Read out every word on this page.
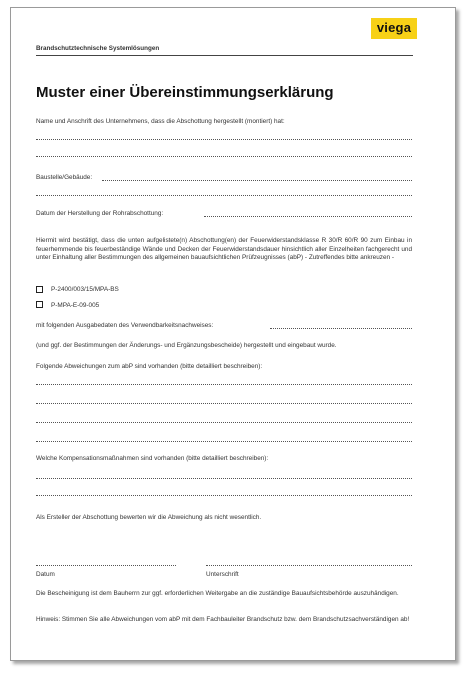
viega
Brandschutztechnische Systemlösungen
Muster einer Übereinstimmungserklärung
Name und Anschrift des Unternehmens, dass die Abschottung hergestellt (montiert) hat:
Baustelle/Gebäude:
Datum der Herstellung der Rohrabschottung:
Hiermit wird bestätigt, dass die unten aufgelistete(n) Abschottung(en) der Feuerwiderstandsklasse R 30/R 60/R 90 zum Einbau in feuerhemmende bis feuerbeständige Wände und Decken der Feuerwiderstandsdauer hinsichtlich aller Einzelheiten fachgerecht und unter Einhaltung aller Bestimmungen des allgemeinen bauaufsichtlichen Prüfzeugnisses (abP) - Zutreffendes bitte ankreuzen -
P-2400/003/15/MPA-BS
P-MPA-E-09-005
mit folgenden Ausgabedaten des Verwendbarkeitsnachweises:
(und ggf. der Bestimmungen der Änderungs- und Ergänzungsbescheide) hergestellt und eingebaut wurde.
Folgende Abweichungen zum abP sind vorhanden (bitte detailliert beschreiben):
Welche Kompensationsmaßnahmen sind vorhanden (bitte detailliert beschreiben):
Als Ersteller der Abschottung bewerten wir die Abweichung als nicht wesentlich.
Datum	Unterschrift
Die Bescheinigung ist dem Bauherrn zur ggf. erforderlichen Weitergabe an die zuständige Bauaufsichtsbehörde auszuhändigen.
Hinweis: Stimmen Sie alle Abweichungen vom abP mit dem Fachbauleiter Brandschutz bzw. dem Brandschutzsachverständigen ab!
